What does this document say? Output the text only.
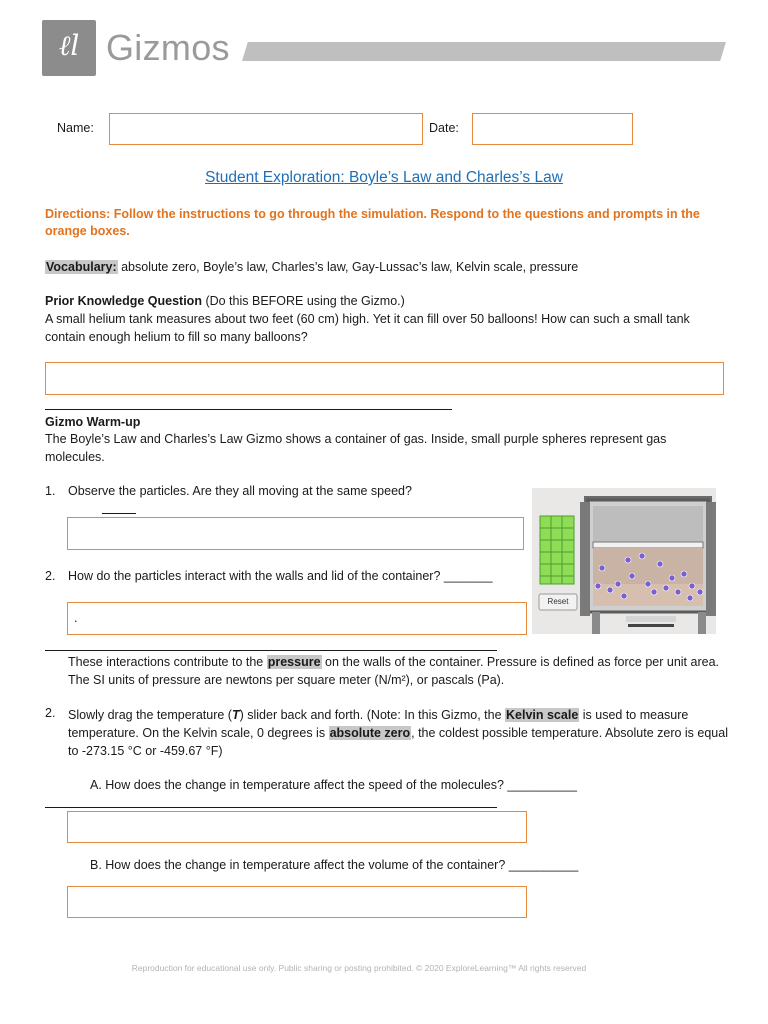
ℓl Gizmos
Name:	Date:
Student Exploration: Boyle’s Law and Charles’s Law
Directions: Follow the instructions to go through the simulation. Respond to the questions and prompts in the orange boxes.
Vocabulary: absolute zero, Boyle’s law, Charles’s law, Gay-Lussac’s law, Kelvin scale, pressure
Prior Knowledge Question (Do this BEFORE using the Gizmo.)
A small helium tank measures about two feet (60 cm) high. Yet it can fill over 50 balloons! How can such a small tank contain enough helium to fill so many balloons?
Gizmo Warm-up
The Boyle’s Law and Charles’s Law Gizmo shows a container of gas. Inside, small purple spheres represent gas molecules.
1. Observe the particles. Are they all moving at the same speed?
2. How do the particles interact with the walls and lid of the container? _______
.
Reset
These interactions contribute to the pressure on the walls of the container. Pressure is defined as force per unit area. The SI units of pressure are newtons per square meter (N/m²), or pascals (Pa).
2. Slowly drag the temperature (T) slider back and forth. (Note: In this Gizmo, the Kelvin scale is used to measure temperature. On the Kelvin scale, 0 degrees is absolute zero, the coldest possible temperature. Absolute zero is equal to -273.15 °C or -459.67 °F)
A. How does the change in temperature affect the speed of the molecules? __________
B. How does the change in temperature affect the volume of the container? __________
Reproduction for educational use only. Public sharing or posting prohibited. © 2020 ExploreLearning™ All rights reserved
